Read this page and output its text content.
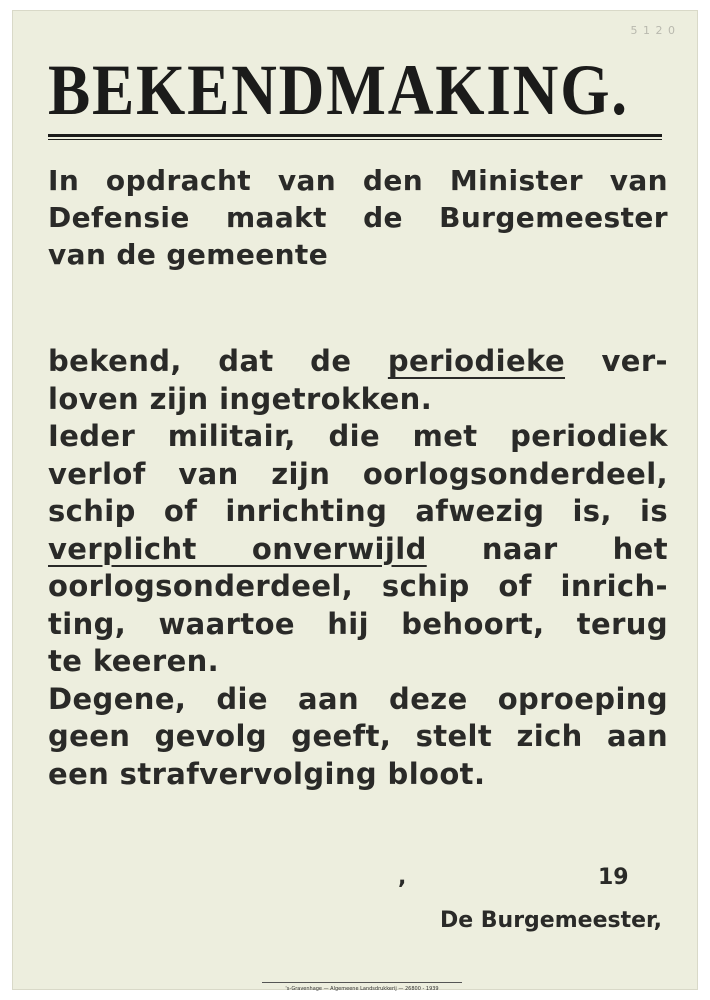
5 1 2 0
BEKENDMAKING.
In opdracht van den Minister van
Defensie maakt de Burgemeester
van de gemeente
bekend, dat de periodieke ver-
loven zijn ingetrokken.
Ieder militair, die met periodiek
verlof van zijn oorlogsonderdeel,
schip of inrichting afwezig is, is
verplicht onverwijld naar het
oorlogsonderdeel, schip of inrich-
ting, waartoe hij behoort, terug
te keeren.
Degene, die aan deze oproeping
geen gevolg geeft, stelt zich aan
een strafvervolging bloot.
,	19
De Burgemeester,
's-Gravenhage — Algemeene Landsdrukkerij — 26800 - 1939
